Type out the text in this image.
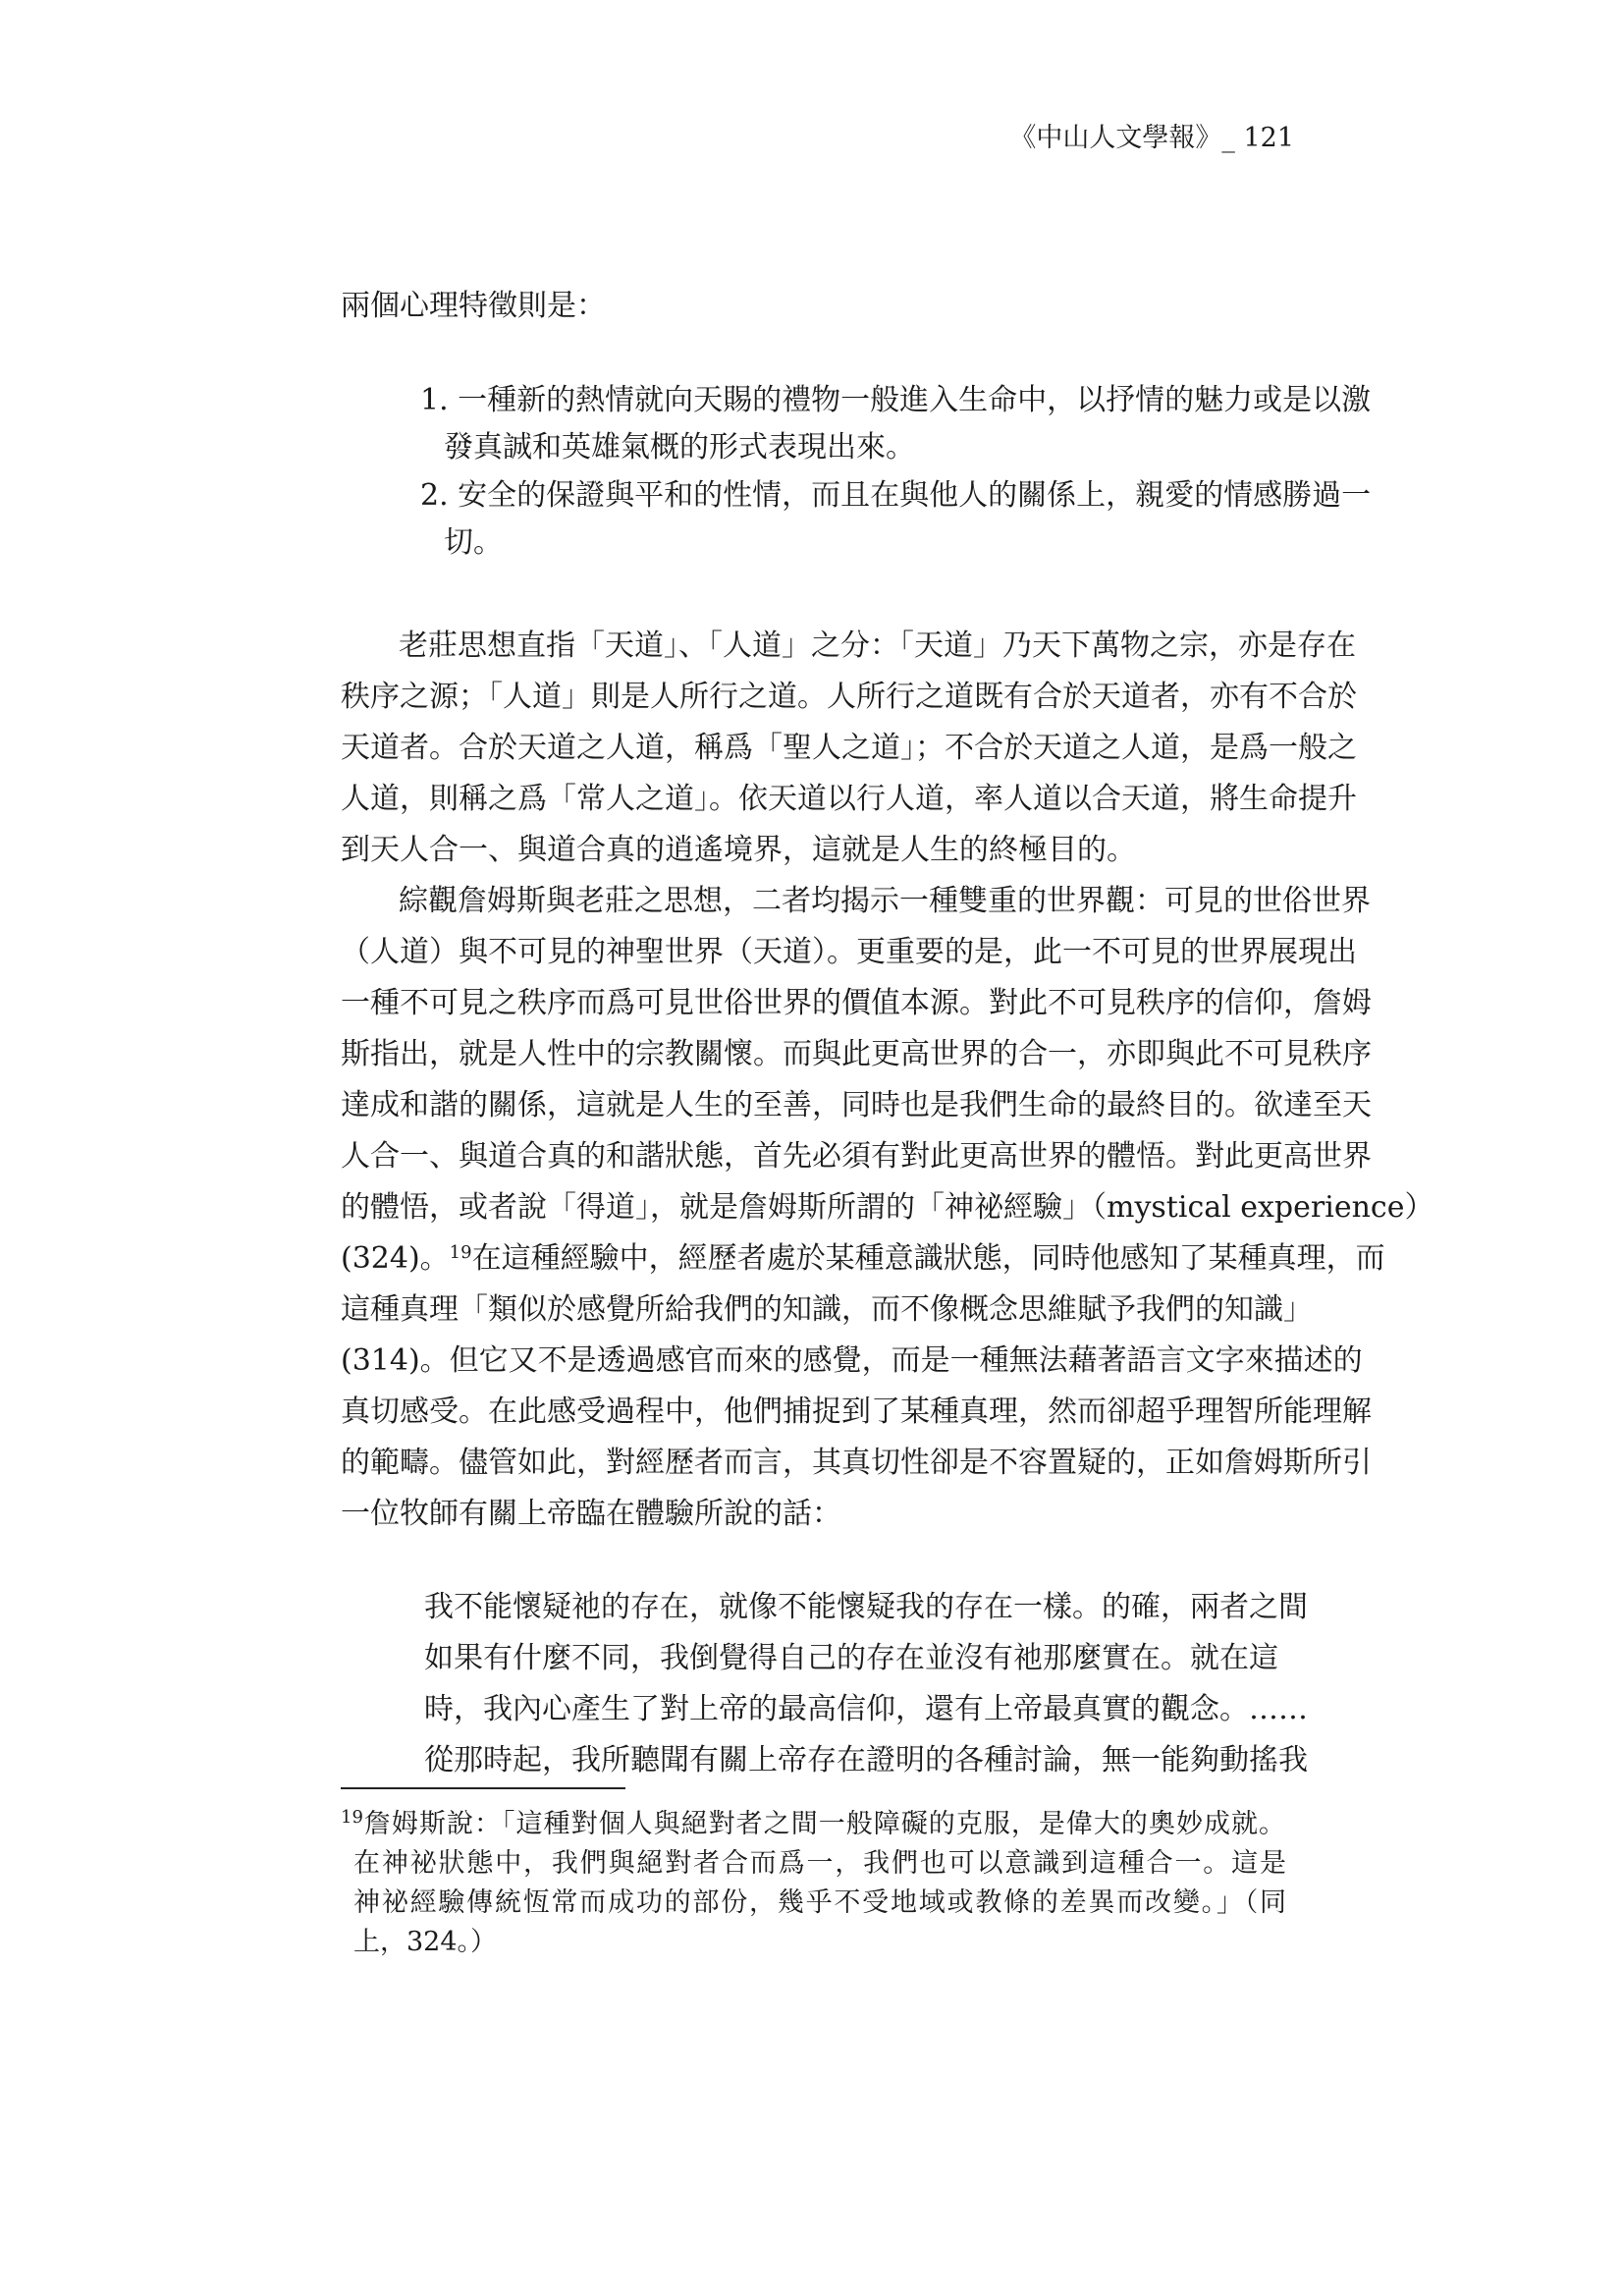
《中山人文學報》_ 121
兩個心理特徵則是：
1. 一種新的熱情就向天賜的禮物一般進入生命中，以抒情的魅力或是以激
發真誠和英雄氣概的形式表現出來。
2. 安全的保證與平和的性情，而且在與他人的關係上，親愛的情感勝過一
切。
老莊思想直指「天道」、「人道」之分：「天道」乃天下萬物之宗，亦是存在
秩序之源；「人道」則是人所行之道。人所行之道既有合於天道者，亦有不合於
天道者。合於天道之人道，稱爲「聖人之道」；不合於天道之人道，是爲一般之
人道，則稱之爲「常人之道」。依天道以行人道，率人道以合天道，將生命提升
到天人合一、與道合真的逍遙境界，這就是人生的終極目的。
綜觀詹姆斯與老莊之思想，二者均揭示一種雙重的世界觀：可見的世俗世界
（人道）與不可見的神聖世界（天道）。更重要的是，此一不可見的世界展現出
一種不可見之秩序而爲可見世俗世界的價值本源。對此不可見秩序的信仰，詹姆
斯指出，就是人性中的宗教關懷。而與此更高世界的合一，亦即與此不可見秩序
達成和諧的關係，這就是人生的至善，同時也是我們生命的最終目的。欲達至天
人合一、與道合真的和諧狀態，首先必須有對此更高世界的體悟。對此更高世界
的體悟，或者說「得道」，就是詹姆斯所謂的「神祕經驗」（mystical experience）
(324)。$^{19}$在這種經驗中，經歷者處於某種意識狀態，同時他感知了某種真理，而
這種真理「類似於感覺所給我們的知識，而不像概念思維賦予我們的知識」
(314)。但它又不是透過感官而來的感覺，而是一種無法藉著語言文字來描述的
真切感受。在此感受過程中，他們捕捉到了某種真理，然而卻超乎理智所能理解
的範疇。儘管如此，對經歷者而言，其真切性卻是不容置疑的，正如詹姆斯所引
一位牧師有關上帝臨在體驗所說的話：
我不能懷疑祂的存在，就像不能懷疑我的存在一樣。的確，兩者之間
如果有什麼不同，我倒覺得自己的存在並沒有祂那麼實在。就在這
時，我內心產生了對上帝的最高信仰，還有上帝最真實的觀念。……
從那時起，我所聽聞有關上帝存在證明的各種討論，無一能夠動搖我
$^{19}$詹姆斯說：「這種對個人與絕對者之間一般障礙的克服，是偉大的奧妙成就。
在神祕狀態中，我們與絕對者合而爲一，我們也可以意識到這種合一。這是
神祕經驗傳統恆常而成功的部份，幾乎不受地域或教條的差異而改變。」（同
上，324。）
